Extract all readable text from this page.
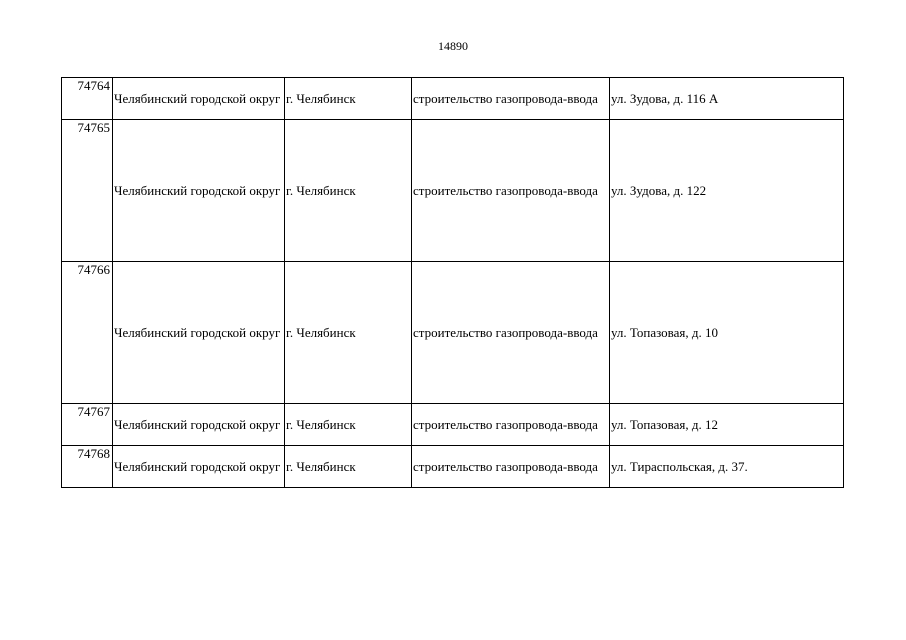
14890
74764	Челябинский городской округ	г. Челябинск	строительство газопровода-ввода	ул. Зудова, д. 116 А
74765	Челябинский городской округ	г. Челябинск	строительство газопровода-ввода	ул. Зудова, д. 122
74766	Челябинский городской округ	г. Челябинск	строительство газопровода-ввода	ул. Топазовая, д. 10
74767	Челябинский городской округ	г. Челябинск	строительство газопровода-ввода	ул. Топазовая, д. 12
74768	Челябинский городской округ	г. Челябинск	строительство газопровода-ввода	ул. Тираспольская, д. 37.
